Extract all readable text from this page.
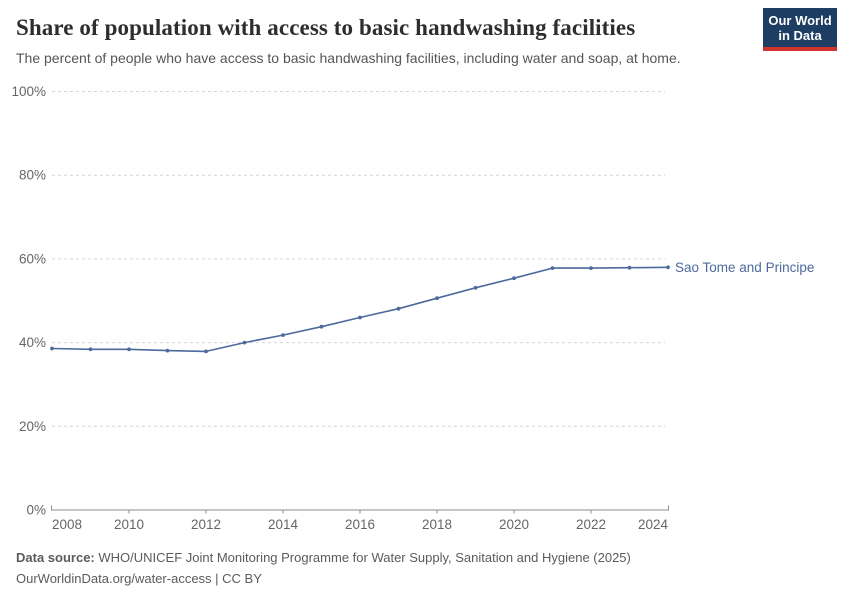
Share of population with access to basic handwashing facilities

The percent of people who have access to basic handwashing facilities, including water and soap, at home.

Our World
in Data
0%
20%
40%
60%
80%
100%
2008 2010	2012	2014	2016	2018	2020	2022 2024
Sao Tome and Principe
Data source: WHO/UNICEF Joint Monitoring Programme for Water Supply, Sanitation and Hygiene (2025)
OurWorldinData.org/water-access | CC BY
